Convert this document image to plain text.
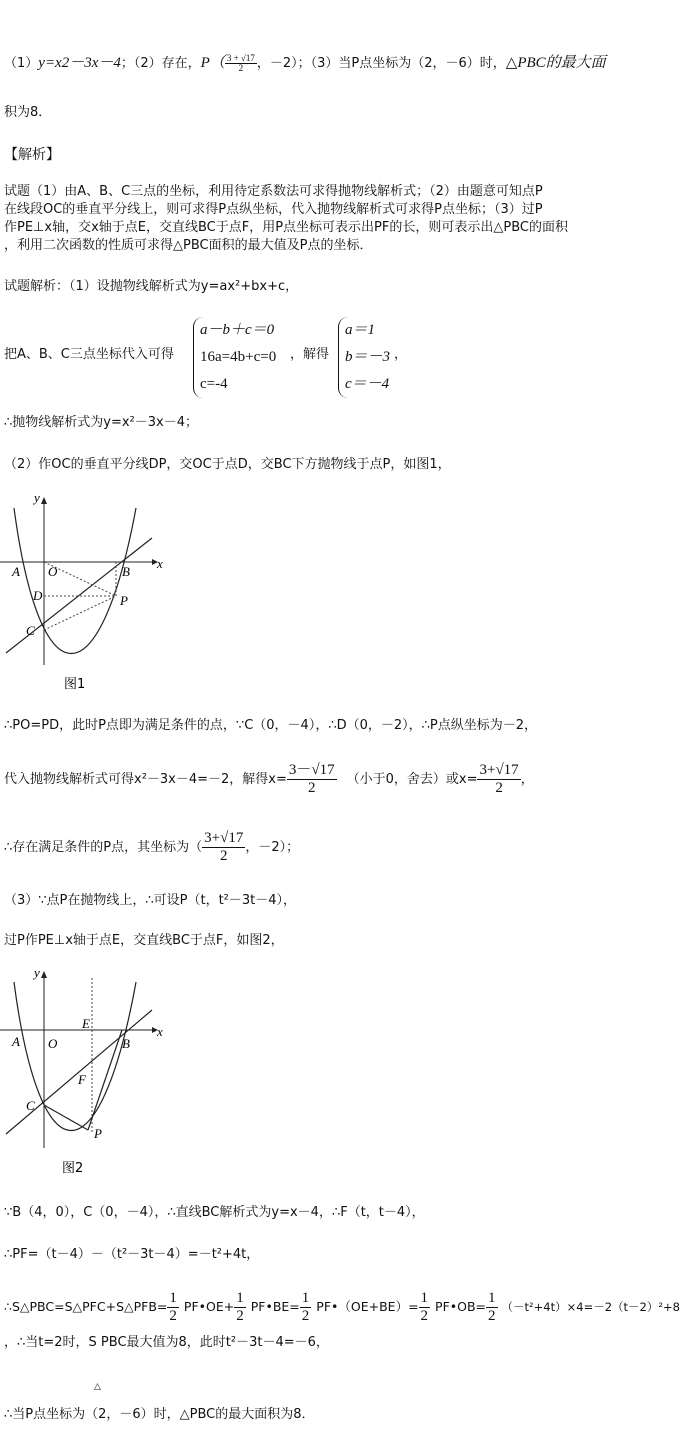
（1）y=x2－3x－4；（2）存在，$P( \frac{3 + √17}{2}$ ，－2）；（3）当P点坐标为（2，－6）时，△PBC的最大面
积为8．
【解析】
试题（1）由A、B、C三点的坐标，利用待定系数法可求得抛物线解析式；（2）由题意可知点P
在线段OC的垂直平分线上，则可求得P点纵坐标，代入抛物线解析式可求得P点坐标；（3）过P
作PE⊥x轴，交x轴于点E，交直线BC于点F，用P点坐标可表示出PF的长，则可表示出△PBC的面积
，利用二次函数的性质可求得△PBC面积的最大值及P点的坐标．
试题解析：（1）设抛物线解析式为y=ax²+bx+c，
把A、B、C三点坐标代入可得
a－b＋c＝0
16a=4b+c=0
c=-4
，解得
a＝1
b＝－3
c＝－4
，
∴抛物线解析式为y=x²－3x－4；
（2）作OC的垂直平分线DP，交OC于点D，交BC下方抛物线于点P，如图1，
y
x
A O	B
D	P
C
图1
∴PO=PD，此时P点即为满足条件的点，∵C（0，－4），∴D（0，－2），∴P点纵坐标为－2，
代入抛物线解析式可得x²－3x－4=－2，解得$x= \frac{3-√17}{2}$ （小于0，舍去）或$x= \frac{3+√17}{2}$ ，
∴存在满足条件的P点，其坐标为（ $\frac{3+√17}{2}$ ，－2）；
（3）∵点P在抛物线上，∴可设P（t，t²－3t－4），
过P作PE⊥x轴于点E，交直线BC于点F，如图2，
y
x
A O	B
E
F
C
P
图2
∵B（4，0），C（0，－4），∴直线BC解析式为y=x－4，∴F（t，t－4），
∴PF=（t－4）－（t²－3t－4）=－t²+4t，
∴S△PBC=S△PFC+S△PFB= $\frac{1}{2}$ PF•OE+ $\frac{1}{2}$ PF•BE= $\frac{1}{2}$ PF•（OE+BE）= $\frac{1}{2}$ PF•OB= $\frac{1}{2} (-t^2+4t)\times 4=-2(t-2)^2+8$
，∴当t=2时，S PBC最大值为8，此时t²－3t－4=－6，
△
∴当P点坐标为（2，－6）时，△PBC的最大面积为8．
